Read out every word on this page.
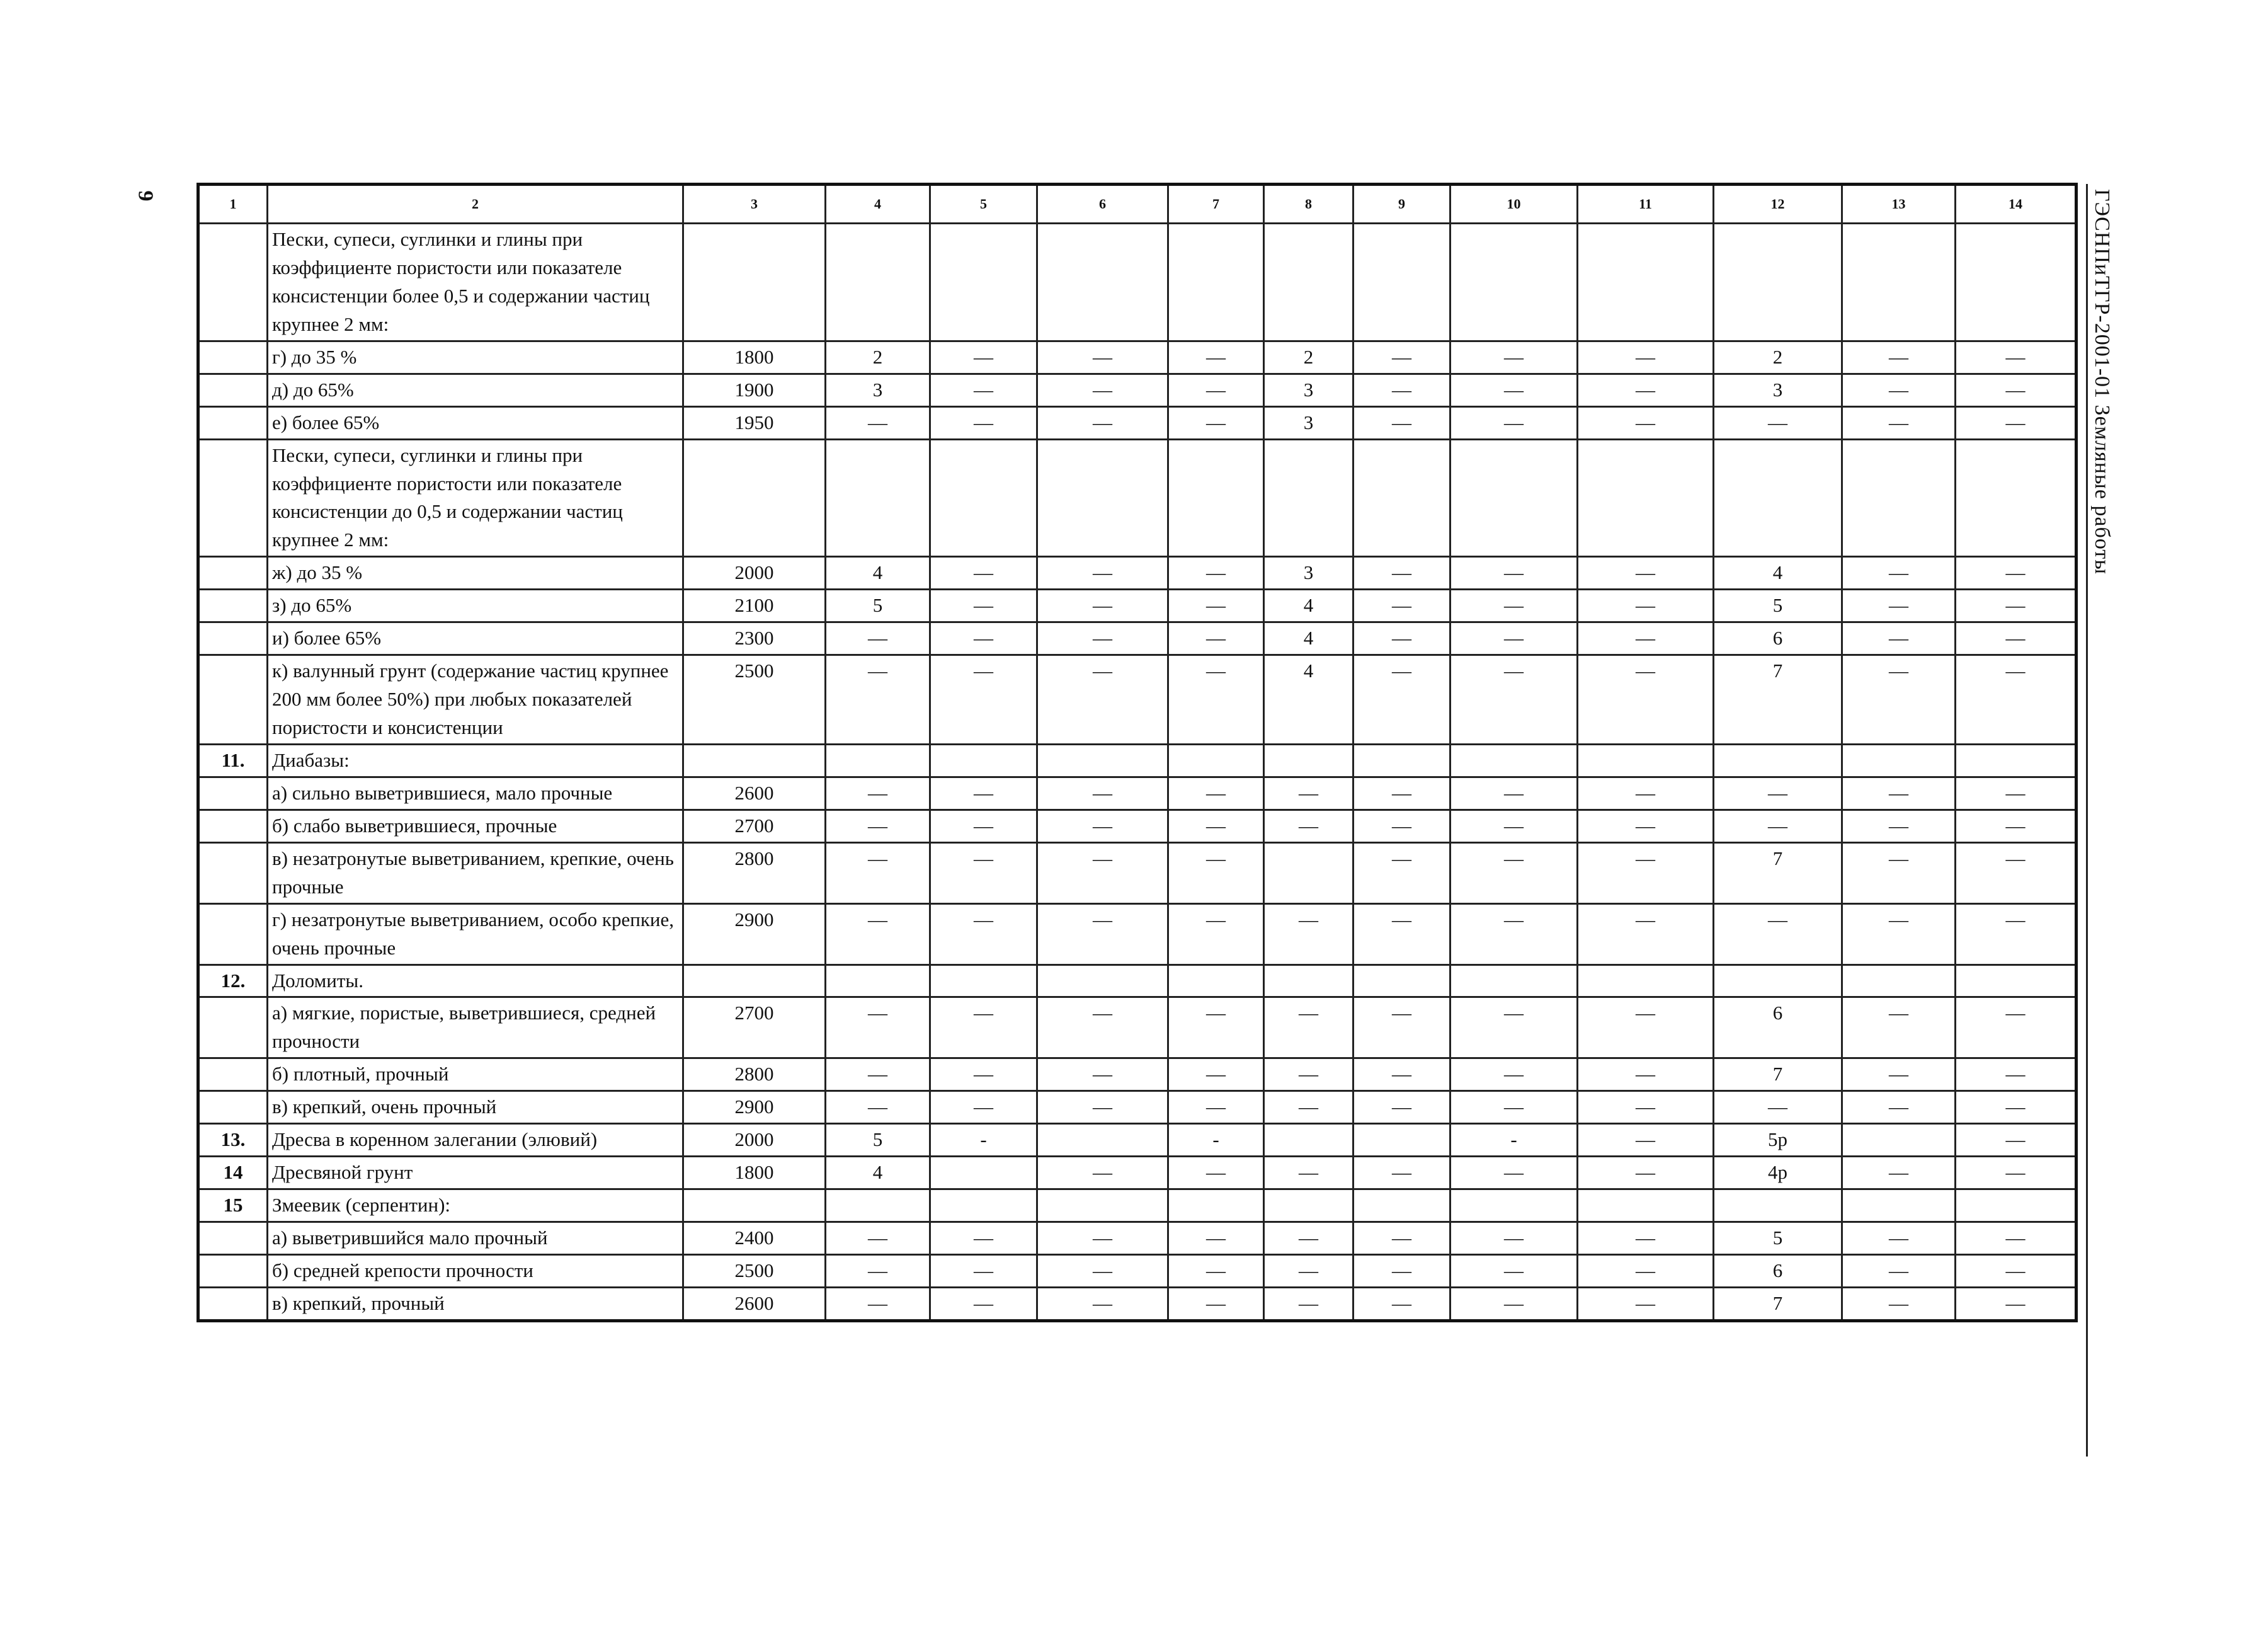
9	ГЭСНПиТГР-2001-01 Земляные работы
1	2	3	4	5	6	7	8	9	10	11	12	13	14
	Пески, супеси, суглинки и глины при коэффициенте пористости или показателе консистенции более 0,5 и содержании частиц крупнее 2 мм:												
	г) до 35 %	1800	2	—	—	—	2	—	—	—	2	—	—
	д) до 65%	1900	3	—	—	—	3	—	—	—	3	—	—
	е) более 65%	1950	—	—	—	—	3	—	—	—	—	—	—
	Пески, супеси, суглинки и глины при коэффициенте пористости или показателе консистенции до 0,5 и содержании частиц крупнее 2 мм:												
	ж) до 35 %	2000	4	—	—	—	3	—	—	—	4	—	—
	з) до 65%	2100	5	—	—	—	4	—	—	—	5	—	—
	и) более 65%	2300	—	—	—	—	4	—	—	—	6	—	—
	к) валунный грунт (содержание частиц крупнее 200 мм более 50%) при любых показателей пористости и консистенции	2500	—	—	—	—	4	—	—	—	7	—	—
11.	Диабазы:												
	а) сильно выветрившиеся, мало прочные	2600	—	—	—	—	—	—	—	—	—	—	—
	б) слабо выветрившиеся, прочные	2700	—	—	—	—	—	—	—	—	—	—	—
	в) незатронутые выветриванием, крепкие, очень прочные	2800	—	—	—	—		—	—	—	7	—	—
	г) незатронутые выветриванием, особо крепкие, очень прочные	2900	—	—	—	—	—	—	—	—	—	—	—
12.	Доломиты.												
	а) мягкие, пористые, выветрившиеся, средней прочности	2700	—	—	—	—	—	—	—	—	6	—	—
	б) плотный, прочный	2800	—	—	—	—	—	—	—	—	7	—	—
	в) крепкий, очень прочный	2900	—	—	—	—	—	—	—	—	—	—	—
13.	Дресва в коренном залегании (элювий)	2000	5	-		-			-	—	5р		—
14	Дресвяной грунт	1800	4		—	—	—	—	—	—	4р	—	—
15	Змеевик (серпентин):												
	а) выветрившийся мало прочный	2400	—	—	—	—	—	—	—	—	5	—	—
	б) средней крепости прочности	2500	—	—	—	—	—	—	—	—	6	—	—
	в) крепкий, прочный	2600	—	—	—	—	—	—	—	—	7	—	—
